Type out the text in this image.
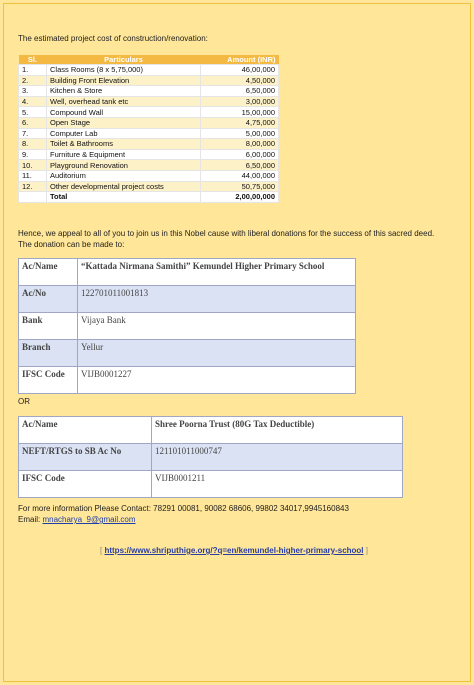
The estimated project cost of construction/renovation:
Sl.	Particulars	Amount (INR)
1.	Class Rooms (8 x 5,75,000)	46,00,000
2.	Building Front Elevation	4,50,000
3.	Kitchen & Store	6,50,000
4.	Well, overhead tank etc	3,00,000
5.	Compound Wall	15,00,000
6.	Open Stage	4,75,000
7.	Computer Lab	5,00,000
8.	Toilet & Bathrooms	8,00,000
9.	Furniture & Equipment	6,00,000
10.	Playground Renovation	6,50,000
11.	Auditorium	44,00,000
12.	Other developmental project costs	50,75,000
	Total	2,00,00,000
Hence, we appeal to all of you to join us in this Nobel cause with liberal donations for the success of this sacred deed.
The donation can be made to:
Ac/Name	“Kattada Nirmana Samithi” Kemundel Higher Primary School
Ac/No	122701011001813
Bank	Vijaya Bank
Branch	Yellur
IFSC Code	VIJB0001227
OR
Ac/Name	Shree Poorna Trust (80G Tax Deductible)
NEFT/RTGS to SB Ac No	121101011000747
IFSC Code	VIJB0001211
For more information Please Contact: 78291 00081, 90082 68606, 99802 34017,9945160843
Email: mnacharya_9@gmail.com
[ https://www.shriputhige.org/?q=en/kemundel-higher-primary-school ]
